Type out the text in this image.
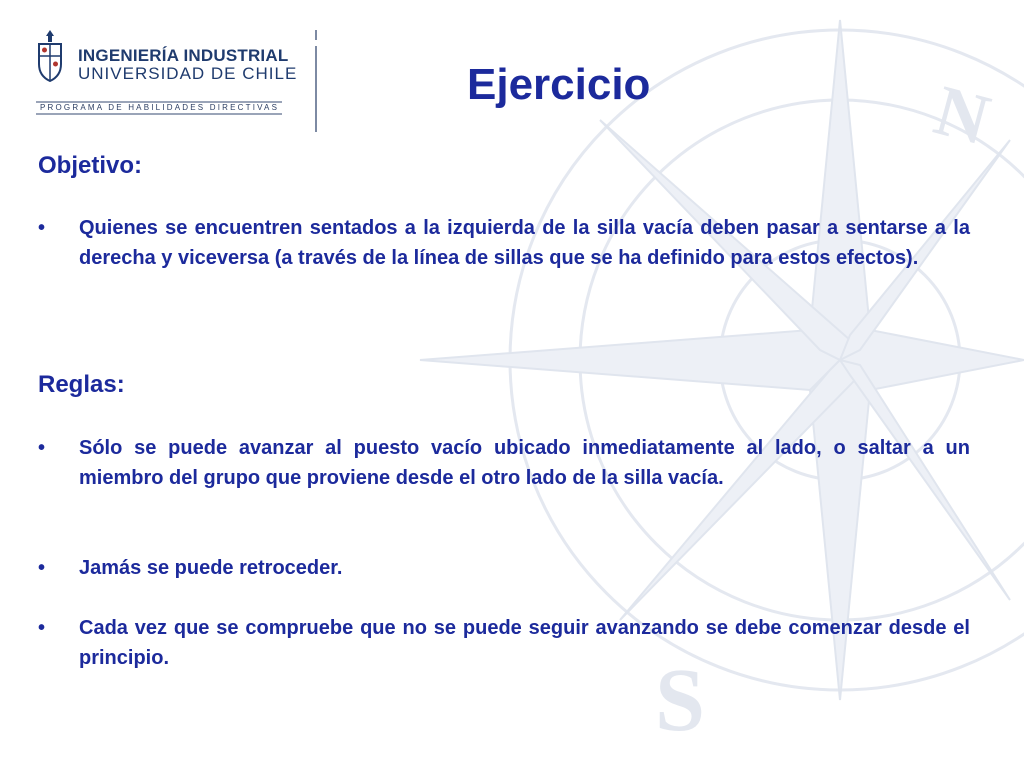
N
S
INGENIERÍA INDUSTRIAL
UNIVERSIDAD DE CHILE
PROGRAMA DE HABILIDADES DIRECTIVAS	Ejercicio
Objetivo:
• Quienes se encuentren sentados a la izquierda de la silla vacía deben pasar a sentarse a la derecha y viceversa (a través de la línea de sillas que se ha definido para estos efectos).
Reglas:
• Sólo se puede avanzar al puesto vacío ubicado inmediatamente al lado, o saltar a un miembro del grupo que proviene desde el otro lado de la silla vacía.
• Jamás se puede retroceder.
• Cada vez que se compruebe que no se puede seguir avanzando se debe comenzar desde el principio.
